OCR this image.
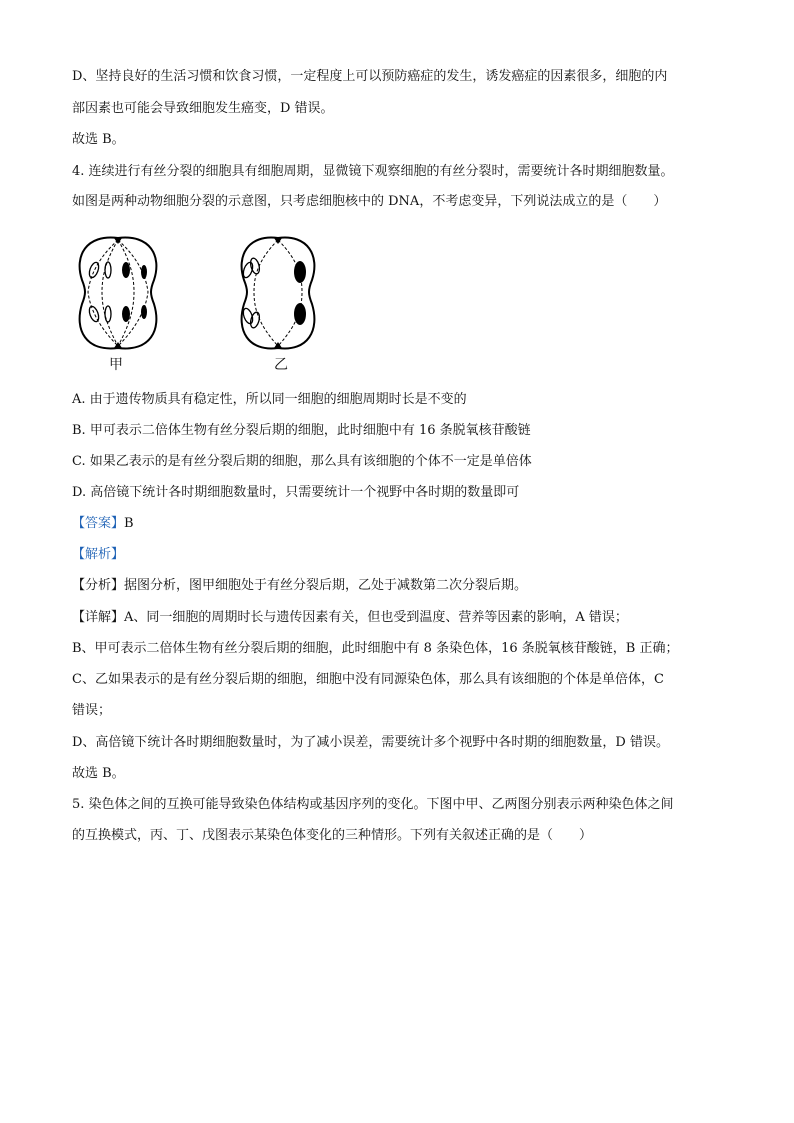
D、坚持良好的生活习惯和饮食习惯，一定程度上可以预防癌症的发生，诱发癌症的因素很多，细胞的内
部因素也可能会导致细胞发生癌变，D 错误。
故选 B。
4. 连续进行有丝分裂的细胞具有细胞周期，显微镜下观察细胞的有丝分裂时，需要统计各时期细胞数量。
如图是两种动物细胞分裂的示意图，只考虑细胞核中的 DNA，不考虑变异，下列说法成立的是（　　）
甲	乙
A. 由于遗传物质具有稳定性，所以同一细胞的细胞周期时长是不变的
B. 甲可表示二倍体生物有丝分裂后期的细胞，此时细胞中有 16 条脱氧核苷酸链
C. 如果乙表示的是有丝分裂后期的细胞，那么具有该细胞的个体不一定是单倍体
D. 高倍镜下统计各时期细胞数量时，只需要统计一个视野中各时期的数量即可
【答案】B
【解析】
【分析】据图分析，图甲细胞处于有丝分裂后期，乙处于减数第二次分裂后期。
【详解】A、同一细胞的周期时长与遗传因素有关，但也受到温度、营养等因素的影响，A 错误；
B、甲可表示二倍体生物有丝分裂后期的细胞，此时细胞中有 8 条染色体，16 条脱氧核苷酸链，B 正确；
C、乙如果表示的是有丝分裂后期的细胞，细胞中没有同源染色体，那么具有该细胞的个体是单倍体，C
错误；
D、高倍镜下统计各时期细胞数量时，为了减小误差，需要统计多个视野中各时期的细胞数量，D 错误。
故选 B。
5. 染色体之间的互换可能导致染色体结构或基因序列的变化。下图中甲、乙两图分别表示两种染色体之间
的互换模式，丙、丁、戊图表示某染色体变化的三种情形。下列有关叙述正确的是（　　）
